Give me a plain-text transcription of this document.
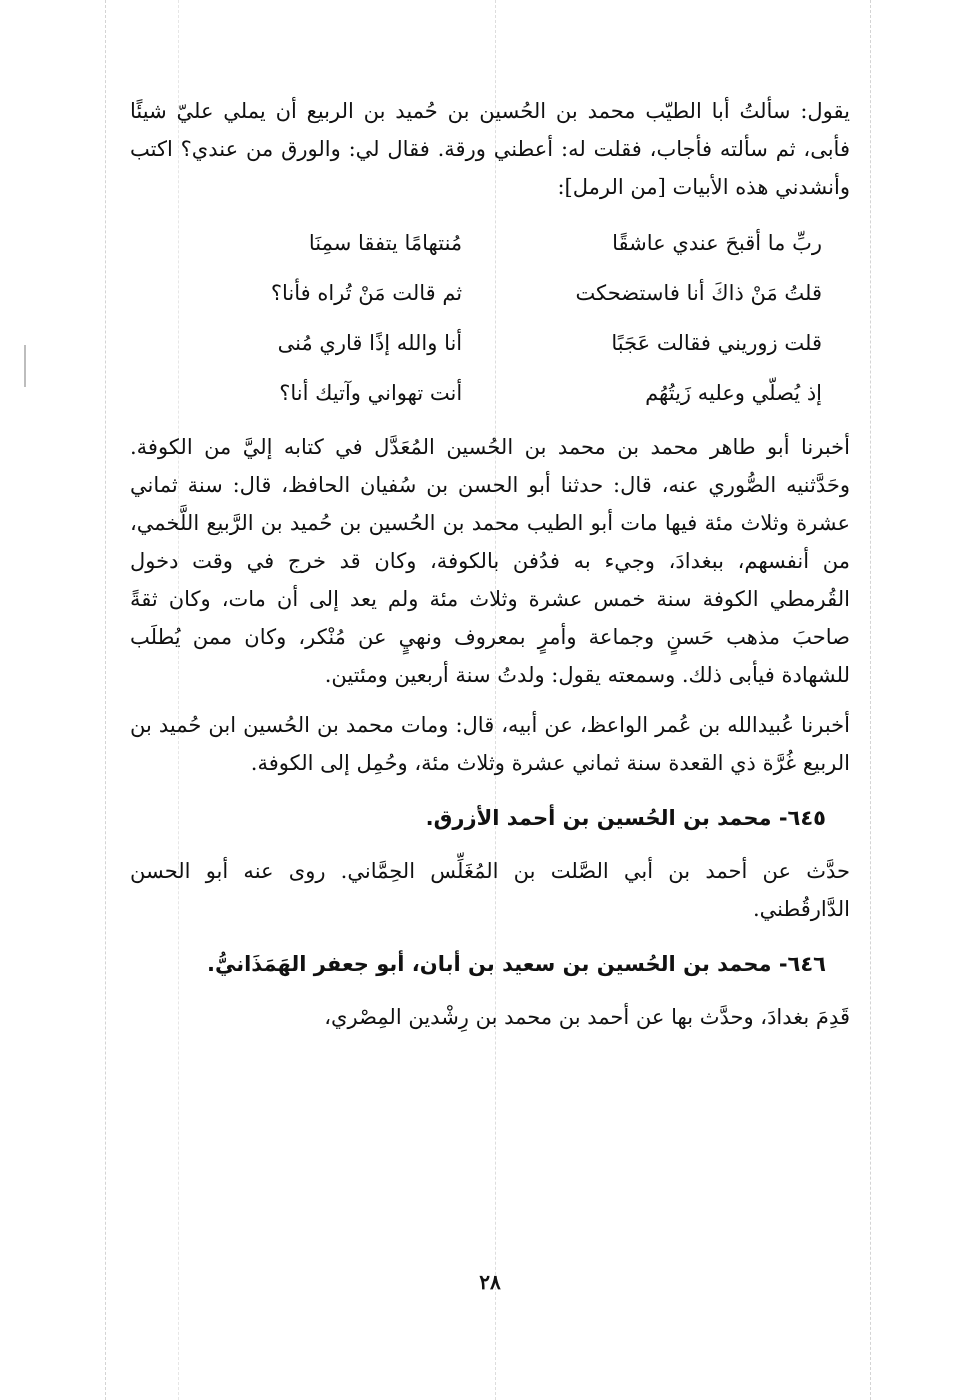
يقول: سألتُ أبا الطيّب محمد بن الحُسين بن حُميد بن الربيع أن يملي عليّ شيئًا فأبى، ثم سألته فأجاب، فقلت له: أعطني ورقة. فقال لي: والورق من عندي؟ اكتب وأنشدني هذه الأبيات [من الرمل]:

ربِّ ما أقبحَ عندي عاشقًا
مُنتهامًا يتفقا سمِنَا
قلتُ مَنْ ذاكَ أنا فاستضحكت
ثم قالت مَنْ تُراه فأنا؟
قلت زوريني فقالت عَجَبًا
أنا والله إذًا قاري مُنى
إذ يُصلّي وعليه زَيتُهُم
أنت تهواني وآتيك أنا؟

أخبرنا أبو طاهر محمد بن محمد بن الحُسين المُعَدَّل في كتابه إليَّ من الكوفة. وحَدَّثنيه الصُّوري عنه، قال: حدثنا أبو الحسن بن سُفيان الحافظ، قال: سنة ثماني عشرة وثلاث مئة فيها مات أبو الطيب محمد بن الحُسين بن حُميد بن الرَّبيع اللَّخمي، من أنفسهم، ببغدادَ، وجيء به فدُفن بالكوفة، وكان قد خرج في وقت دخول القُرمطي الكوفة سنة خمس عشرة وثلاث مئة ولم يعد إلى أن مات، وكان ثقةً صاحبَ مذهب حَسنٍ وجماعة وأمرٍ بمعروف ونهيٍ عن مُنْكر، وكان ممن يُطلَب للشهادة فيأبى ذلك. وسمعته يقول: ولدتُ سنة أربعين ومئتين.

أخبرنا عُبيدالله بن عُمر الواعظ، عن أبيه، قال: ومات محمد بن الحُسين ابن حُميد بن الربيع غُرَّة ذي القعدة سنة ثماني عشرة وثلاث مئة، وحُمِل إلى الكوفة.

٦٤٥- محمد بن الحُسين بن أحمد الأزرق.

حدَّث عن أحمد بن أبي الصَّلت بن المُغَلِّس الحِمَّاني. روى عنه أبو الحسن الدَّارقُطني.

٦٤٦- محمد بن الحُسين بن سعيد بن أبان، أبو جعفر الهَمَذَانيُّ.

قَدِمَ بغدادَ، وحدَّث بها عن أحمد بن محمد بن رِشْدين المِصْري،

٢٨
